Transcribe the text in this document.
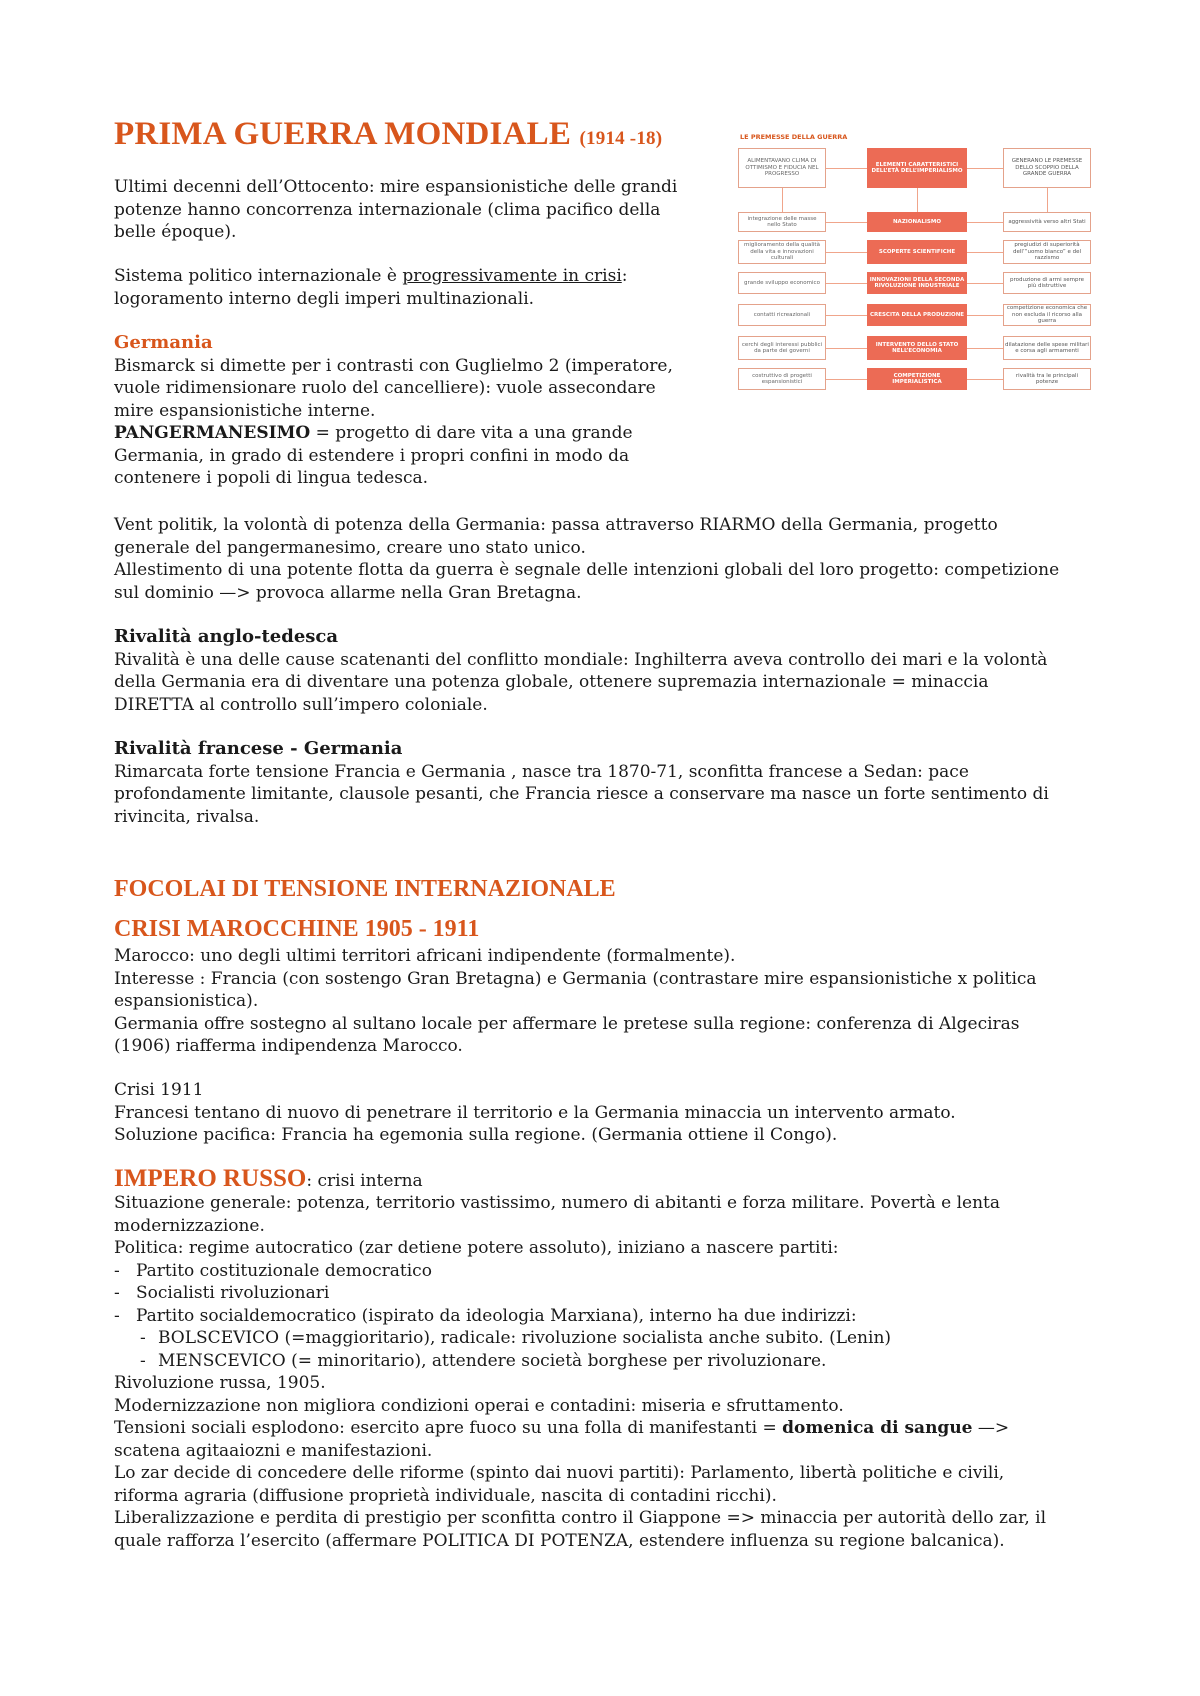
PRIMA GUERRA MONDIALE (1914 -18)
Ultimi decenni dell’Ottocento: mire espansionistiche delle grandi
potenze hanno concorrenza internazionale (clima pacifico della
belle époque).
Sistema politico internazionale è progressivamente in crisi:
logoramento interno degli imperi multinazionali.
Germania
Bismarck si dimette per i contrasti con Guglielmo 2 (imperatore,
vuole ridimensionare ruolo del cancelliere): vuole assecondare
mire espansionistiche interne.
PANGERMANESIMO = progetto di dare vita a una grande
Germania, in grado di estendere i propri confini in modo da
contenere i popoli di lingua tedesca.
Vent politik, la volontà di potenza della Germania: passa attraverso RIARMO della Germania, progetto
generale del pangermanesimo, creare uno stato unico.
Allestimento di una potente flotta da guerra è segnale delle intenzioni globali del loro progetto: competizione
sul dominio —> provoca allarme nella Gran Bretagna.
Rivalità anglo-tedesca
Rivalità è una delle cause scatenanti del conflitto mondiale: Inghilterra aveva controllo dei mari e la volontà
della Germania era di diventare una potenza globale, ottenere supremazia internazionale = minaccia
DIRETTA al controllo sull’impero coloniale.
Rivalità francese - Germania
Rimarcata forte tensione Francia e Germania , nasce tra 1870-71, sconfitta francese a Sedan: pace
profondamente limitante, clausole pesanti, che Francia riesce a conservare ma nasce un forte sentimento di
rivincita, rivalsa.
FOCOLAI DI TENSIONE INTERNAZIONALE
CRISI MAROCCHINE 1905 - 1911
Marocco: uno degli ultimi territori africani indipendente (formalmente).
Interesse : Francia (con sostengo Gran Bretagna) e Germania (contrastare mire espansionistiche x politica
espansionistica).
Germania offre sostegno al sultano locale per affermare le pretese sulla regione: conferenza di Algeciras
(1906) riafferma indipendenza Marocco.
Crisi 1911
Francesi tentano di nuovo di penetrare il territorio e la Germania minaccia un intervento armato.
Soluzione pacifica: Francia ha egemonia sulla regione. (Germania ottiene il Congo).
IMPERO RUSSO: crisi interna
Situazione generale: potenza, territorio vastissimo, numero di abitanti e forza militare. Povertà e lenta
modernizzazione.
Politica: regime autocratico (zar detiene potere assoluto), iniziano a nascere partiti:
- Partito costituzionale democratico
- Socialisti rivoluzionari
- Partito socialdemocratico (ispirato da ideologia Marxiana), interno ha due indirizzi:
- BOLSCEVICO (=maggioritario), radicale: rivoluzione socialista anche subito. (Lenin)
- MENSCEVICO (= minoritario), attendere società borghese per rivoluzionare.
Rivoluzione russa, 1905.
Modernizzazione non migliora condizioni operai e contadini: miseria e sfruttamento.
Tensioni sociali esplodono: esercito apre fuoco su una folla di manifestanti = domenica di sangue —>
scatena agitaaiozni e manifestazioni.
Lo zar decide di concedere delle riforme (spinto dai nuovi partiti): Parlamento, libertà politiche e civili,
riforma agraria (diffusione proprietà individuale, nascita di contadini ricchi).
Liberalizzazione e perdita di prestigio per sconfitta contro il Giappone => minaccia per autorità dello zar, il
quale rafforza l’esercito (affermare POLITICA DI POTENZA, estendere influenza su regione balcanica).
LE PREMESSE DELLA GUERRA
ALIMENTAVANO CLIMA DI OTTIMISMO E FIDUCIA NEL PROGRESSO
ELEMENTI CARATTERISTICI DELL’ETÀ DELL’IMPERIALISMO
GENERANO LE PREMESSE DELLO SCOPPIO DELLA GRANDE GUERRA
integrazione delle masse nello Stato
NAZIONALISMO	aggressività verso altri Stati
miglioramento della qualità della vita e innovazioni culturali
SCOPERTE SCIENTIFICHE
pregiudizi di superiorità dell’“uomo bianco” e del razzismo
grande sviluppo economico
INNOVAZIONI DELLA SECONDA RIVOLUZIONE INDUSTRIALE
produzione di armi sempre più distruttive
contatti ricreazionali	CRESCITA DELLA PRODUZIONE
competizione economica che non escluda il ricorso alla guerra
cerchi degli interessi pubblici da parte dei governi
INTERVENTO DELLO STATO NELL’ECONOMIA
dilatazione delle spese militari e corsa agli armamenti
costruttivo di progetti espansionistici
COMPETIZIONE IMPERIALISTICA
rivalità tra le principali potenze
